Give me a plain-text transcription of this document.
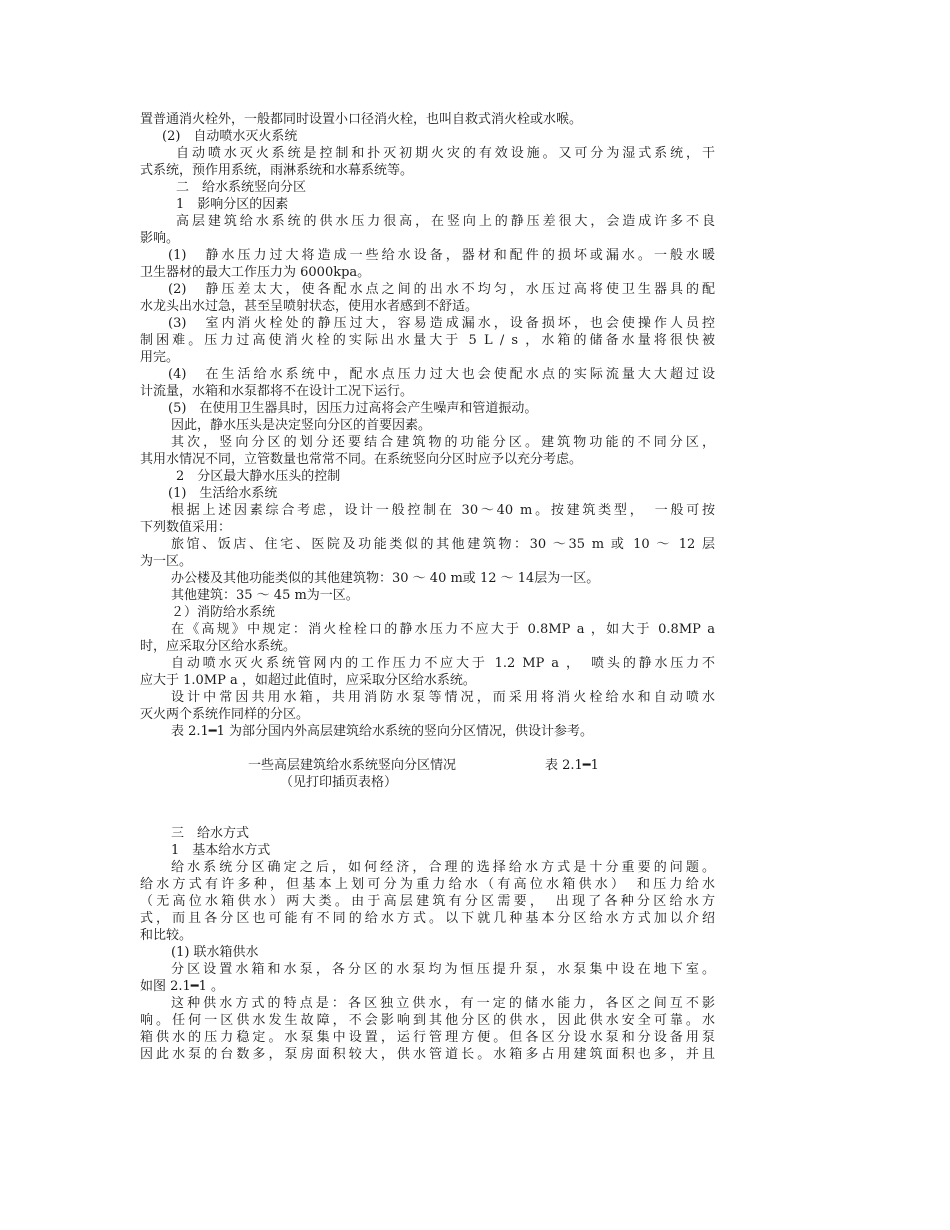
置普通消火栓外，一般都同时设置小口径消火栓，也叫自救式消火栓或水喉。
(2)　自动喷水灭火系统
自动喷水灭火系统是控制和扑灭初期火灾的有效设施。又可分为湿式系统，干
式系统，预作用系统，雨淋系统和水幕系统等。
二　给水系统竖向分区
1　影响分区的因素
高层建筑给水系统的供水压力很高，在竖向上的静压差很大，会造成许多不良
影响。
(1)　静水压力过大将造成一些给水设备，器材和配件的损坏或漏水。一般水暖
卫生器材的最大工作压力为 6000kpa。
(2)　静压差太大，使各配水点之间的出水不均匀，水压过高将使卫生器具的配
水龙头出水过急，甚至呈喷射状态，使用水者感到不舒适。
(3)　室内消火栓处的静压过大，容易造成漏水，设备损坏，也会使操作人员控
制困难。压力过高使消火栓的实际出水量大于 5 L / s ，水箱的储备水量将很快被
用完。
(4)　在生活给水系统中，配水点压力过大也会使配水点的实际流量大大超过设
计流量，水箱和水泵都将不在设计工况下运行。
(5)　在使用卫生器具时，因压力过高将会产生噪声和管道振动。
因此，静水压头是决定竖向分区的首要因素。
其次，竖向分区的划分还要结合建筑物的功能分区。建筑物功能的不同分区，
其用水情况不同，立管数量也常常不同。在系统竖向分区时应予以充分考虑。
2　分区最大静水压头的控制
(1)　生活给水系统
根据上述因素综合考虑，设计一般控制在 30～40 m。按建筑类型，　一般可按
下列数值采用：
旅馆、饭店、住宅、医院及功能类似的其他建筑物：30 ～35 m 或 10 ～ 12 层
为一区。
办公楼及其他功能类似的其他建筑物：30 ～ 40 m或 12 ～ 14层为一区。
其他建筑：35 ～ 45 m为一区。
２）消防给水系统
在《高规》中规定：消火栓栓口的静水压力不应大于 0.8MP a ，如大于 0.8MP a
时，应采取分区给水系统。
自动喷水灭火系统管网内的工作压力不应大于 1.2 MP a ，　喷头的静水压力不
应大于 1.0MP a ，如超过此值时，应采取分区给水系统。
设计中常因共用水箱，共用消防水泵等情况，而采用将消火栓给水和自动喷水
灭火两个系统作同样的分区。
表 2.1━1 为部分国内外高层建筑给水系统的竖向分区情况，供设计参考。
一些高层建筑给水系统竖向分区情况	表 2.1━1
（见打印插页表格）
三　给水方式
1　基本给水方式
给水系统分区确定之后，如何经济，合理的选择给水方式是十分重要的问题。
给水方式有许多种，但基本上划可分为重力给水（有高位水箱供水）　和压力给水
（无高位水箱供水）两大类。由于高层建筑有分区需要，　出现了各种分区给水方
式，而且各分区也可能有不同的给水方式。以下就几种基本分区给水方式加以介绍
和比较。
(1) 联水箱供水
分区设置水箱和水泵，各分区的水泵均为恒压提升泵，水泵集中设在地下室。
如图 2.1━1 。
这种供水方式的特点是：各区独立供水，有一定的储水能力，各区之间互不影
响。任何一区供水发生故障，不会影响到其他分区的供水，因此供水安全可靠。水
箱供水的压力稳定。水泵集中设置，运行管理方便。但各区分设水泵和分设备用泵
因此水泵的台数多，泵房面积较大，供水管道长。水箱多占用建筑面积也多，并且
